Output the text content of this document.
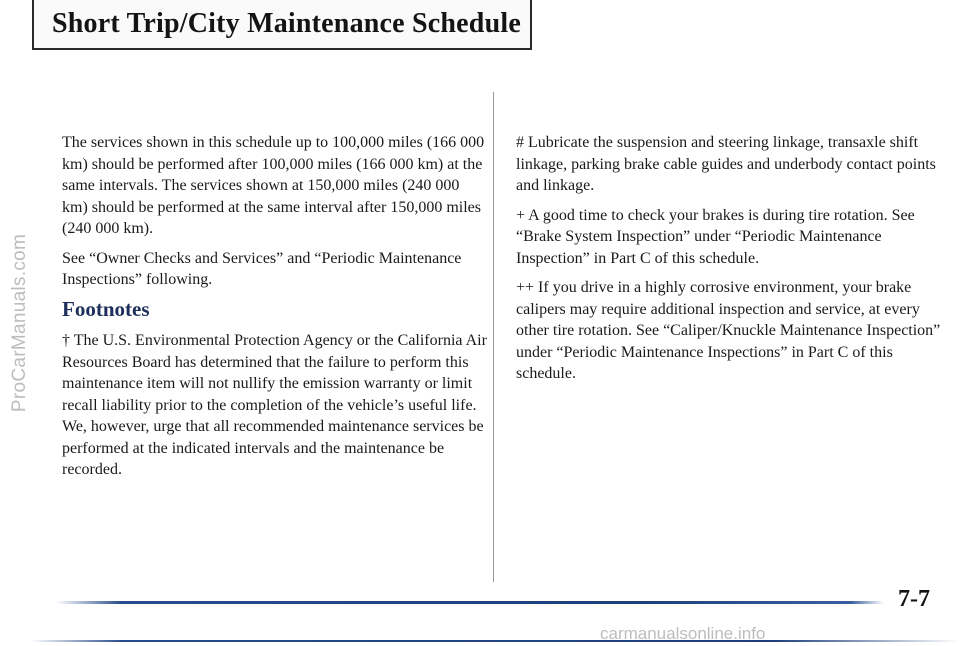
ProCarManuals.com
Short Trip/City Maintenance Schedule

The services shown in this schedule up to 100,000 miles (166 000 km) should be performed after 100,000 miles (166 000 km) at the same intervals. The services shown at 150,000 miles (240 000 km) should be performed at the same interval after 150,000 miles (240 000 km).

See “Owner Checks and Services” and “Periodic Maintenance Inspections” following.

Footnotes

† The U.S. Environmental Protection Agency or the California Air Resources Board has determined that the failure to perform this maintenance item will not nullify the emission warranty or limit recall liability prior to the completion of the vehicle’s useful life. We, however, urge that all recommended maintenance services be performed at the indicated intervals and the maintenance be recorded.

# Lubricate the suspension and steering linkage, transaxle shift linkage, parking brake cable guides and underbody contact points and linkage.

+ A good time to check your brakes is during tire rotation. See “Brake System Inspection” under “Periodic Maintenance Inspection” in Part C of this schedule.

++ If you drive in a highly corrosive environment, your brake calipers may require additional inspection and service, at every other tire rotation. See “Caliper/Knuckle Maintenance Inspection” under “Periodic Maintenance Inspections” in Part C of this schedule.

7-7
carmanualsonline.info
